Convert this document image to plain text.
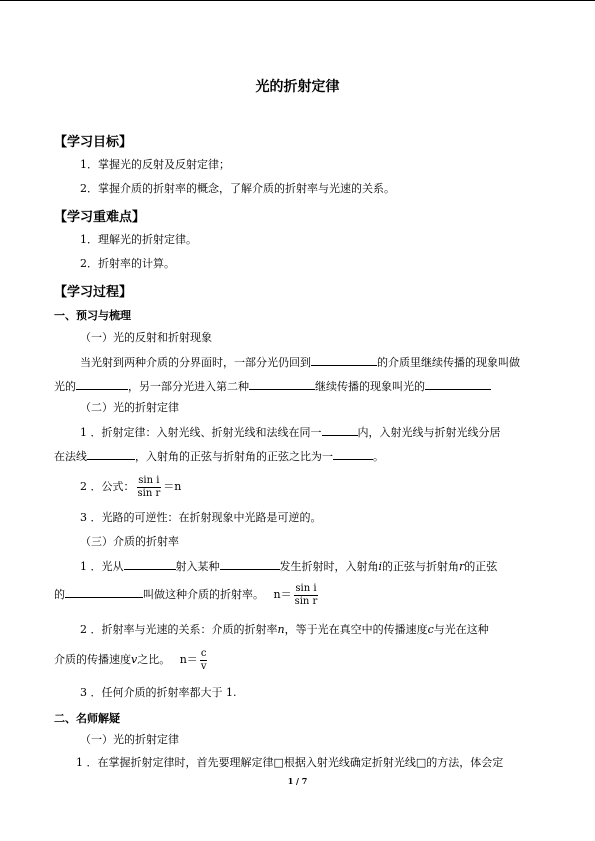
光的折射定律
【学习目标】
1．掌握光的反射及反射定律；
2．掌握介质的折射率的概念，了解介质的折射率与光速的关系。
【学习重难点】
1．理解光的折射定律。
2．折射率的计算。
【学习过程】
一、预习与梳理
（一）光的反射和折射现象
当光射到两种介质的分界面时，一部分光仍回到	的介质里继续传播的现象叫做
光的	，另一部分光进入第二种	继续传播的现象叫光的
（二）光的折射定律
1 ．折射定律：入射光线、折射光线和法线在同一	内，入射光线与折射光线分居
在法线	，入射角的正弦与折射角的正弦之比为一	。
2 ．公式： $\frac{\text{sin i}}{\text{sin r}} =n$
3 ．光路的可逆性：在折射现象中光路是可逆的。
（三）介质的折射率
1 ．光从	射入某种	发生折射时，入射角i的正弦与折射角r的正弦
的	叫做这种介质的折射率。 $n= \frac{\text{sin i}}{\text{sin r}}$
2 ．折射率与光速的关系：介质的折射率n，等于光在真空中的传播速度c与光在这种
介质的传播速度v之比。 $n= \frac{c}{v}$
3 ．任何介质的折射率都大于 1.
二、名师解疑
（一）光的折射定律
1 ．在掌握折射定律时，首先要理解定律□根据入射光线确定折射光线□的方法，体会定
1 / 7
